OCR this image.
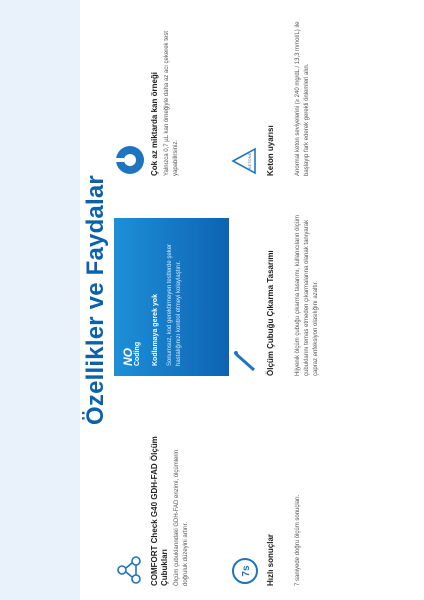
Özellikler ve Faydalar
COMFORT Check G40 GDH-FAD Ölçüm Çubukları Ölçüm çubuklarındaki GDH-FAD enzimi, ölçümlerin doğruluk düzeyini artırır.
NO Coding Kodlamaya gerek yok Sonumsuz, kod gerektirmeyen testlerde şeker hastalığınızı kontrol etmeyi kolaylaştırır.
Çok az miktarda kan örneği Yalnızca 0,7 µL kan örneğiyle daha az acı çekerek test yapabilirsiniz.
7s Hızlı sonuçlar	7 saniyede doğru ölçüm sonuçları.
Ölçüm Çubuğu Çıkarma Tasarımı	Hijyenik ölçüm çubuğu çıkarma tasarımı, kullanıcıların ölçüm çubuklarını temas etmeden çıkarmalarına olanak tanıyarak çapraz enfeksiyon olasılığını azaltır.
KETONE Keton uyarısı	Anormal keton seviyelerini (≥ 240 mg/dL / 13,3 mmol/L) ile başlayıp fark ederek gerekli önlemleri alın.
